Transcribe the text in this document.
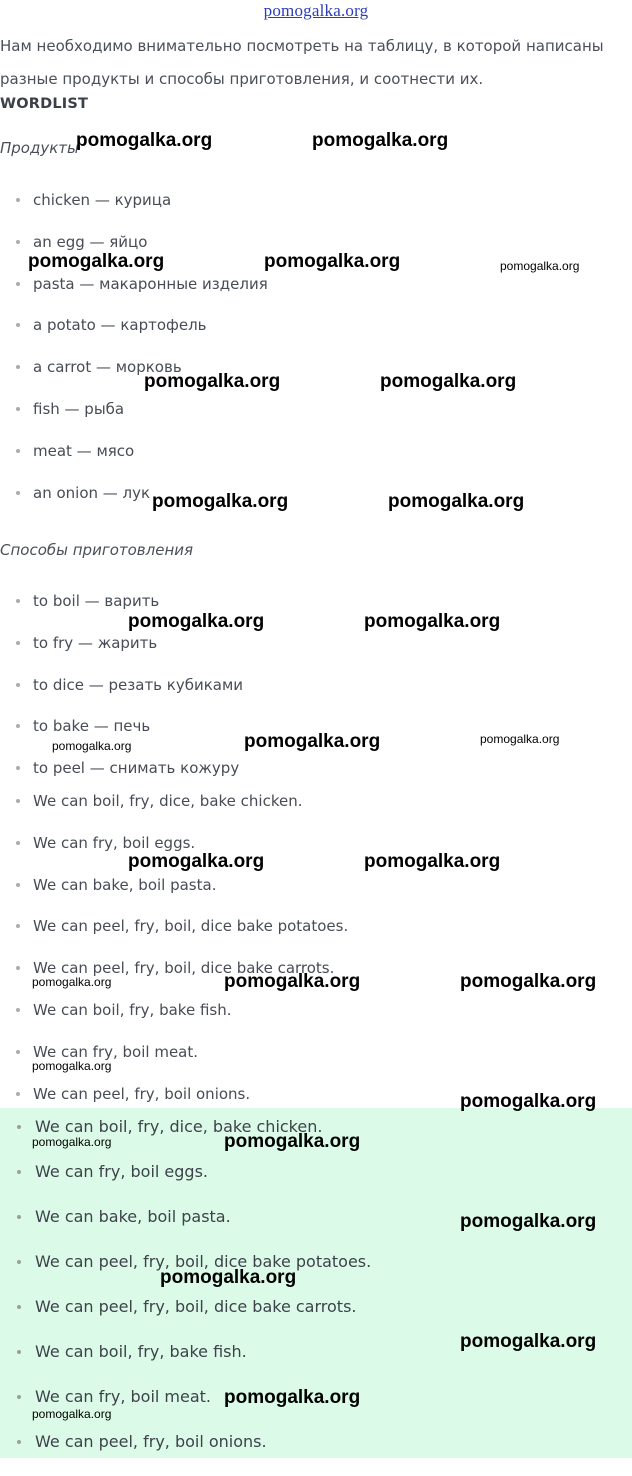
pomogalka.org

Нам необходимо внимательно посмотреть на таблицу, в которой написаны разные продукты и способы приготовления, и соотнести их.

WORDLIST
Продукты
chicken — курица
an egg — яйцо
pasta — макаронные изделия
a potato — картофель
a carrot — морковь
fish — рыба
meat — мясо
an onion — лук
Способы приготовления
to boil — варить
to fry — жарить
to dice — резать кубиками
to bake — печь
to peel — снимать кожуру
We can boil, fry, dice, bake chicken.
We can fry, boil eggs.
We can bake, boil pasta.
We can peel, fry, boil, dice bake potatoes.
We can peel, fry, boil, dice bake carrots.
We can boil, fry, bake fish.
We can fry, boil meat.
We can peel, fry, boil onions.
We can boil, fry, dice, bake chicken.
We can fry, boil eggs.
We can bake, boil pasta.
We can peel, fry, boil, dice bake potatoes.
We can peel, fry, boil, dice bake carrots.
We can boil, fry, bake fish.
We can fry, boil meat.
We can peel, fry, boil onions.
pomogalka.org	pomogalka.org
pomogalka.org	pomogalka.org	pomogalka.org
pomogalka.org	pomogalka.org
pomogalka.org	pomogalka.org
pomogalka.org	pomogalka.org
pomogalka.org	pomogalka.org	pomogalka.org
pomogalka.org	pomogalka.org
pomogalka.org	pomogalka.org	pomogalka.org
pomogalka.org
pomogalka.org
pomogalka.org	pomogalka.org
pomogalka.org
pomogalka.org
pomogalka.org
pomogalka.org
pomogalka.org
